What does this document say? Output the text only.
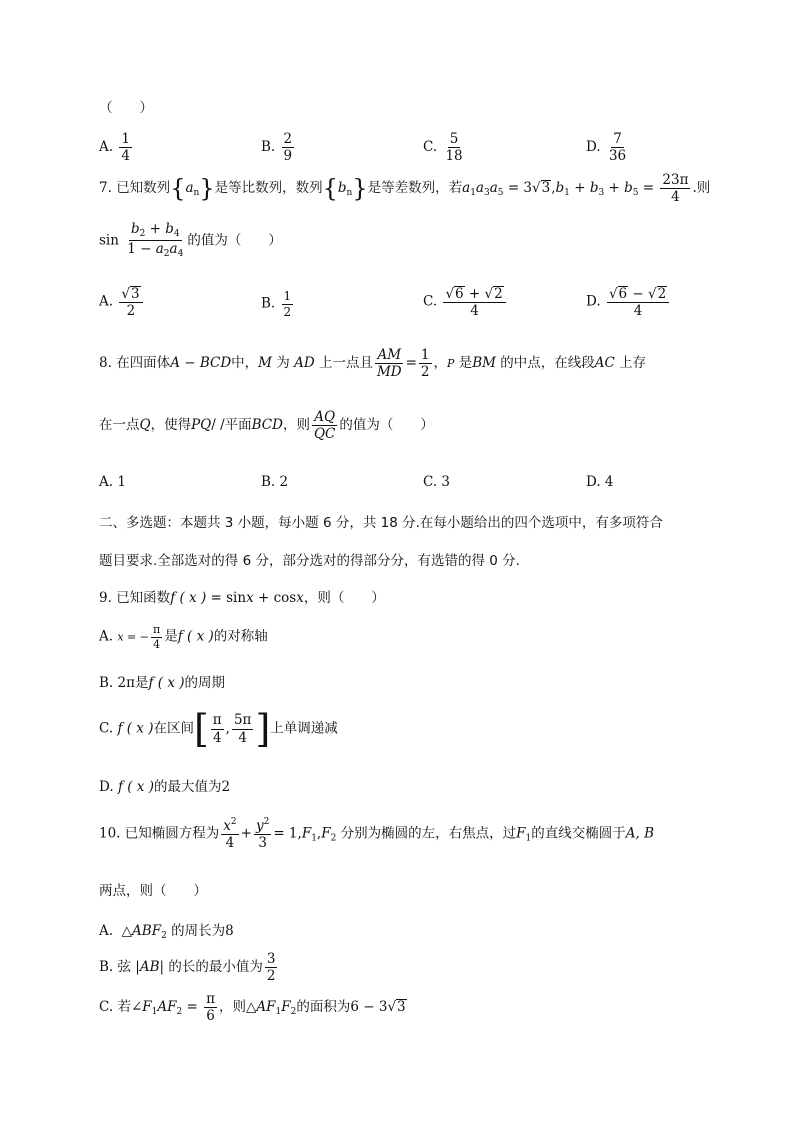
（　　）
A. $\frac{1}{4}$	B. $\frac{2}{9}$	C. $\frac{5}{18}$	D. $\frac{7}{36}$
7. 已知数列$\{a_n\}$是等比数列，数列$\{b_n\}$是等差数列，若$a_1a_3a_5 = 3√3,b_1 + b_3 + b_5 = \frac{23\pi}{4}$ .则
$\sin \frac{b_2 + b_4}{1 - a_2a_4}$ 的值为（　　）
A. $\frac{√3}{2}$	B. $\frac{1}{2}$	C. $\frac{√6 + √2}{4}$	D. $\frac{√6 - √2}{4}$
8. 在四面体A − BCD中，M 为 AD 上一点且 $\frac{AM}{MD} = \frac{1}{2}$ ，P 是BM 的中点，在线段AC 上存
在一点Q，使得PQ/ /平面BCD，则 $\frac{AQ}{QC}$ 的值为（　　）
A. 1	B. 2	C. 3	D. 4
二、多选题：本题共 3 小题，每小题 6 分，共 18 分.在每小题给出的四个选项中，有多项符合
题目要求.全部选对的得 6 分，部分选对的得部分分，有选错的得 0 分.
9. 已知函数f ( x ) = sinx + cosx，则（　　）
A. x = − $\frac{\pi}{4}$ 是f ( x )的对称轴
B. 2π是f ( x )的周期
C. f ( x )在区间[ $\frac{\pi}{4}$ , $\frac{5\pi}{4}$ ]上单调递减
D. f ( x )的最大值为2
10. 已知椭圆方程为 $\frac{x^2}{4} + \frac{y^2}{3} = 1,F_1,F_2$ 分别为椭圆的左，右焦点，过$F_1$的直线交椭圆于A, B
两点，则（　　）
A. $\triangle ABF_2$ 的周长为8
B. 弦 |AB| 的长的最小值为 $\frac{3}{2}$
C. 若$\angle F_1AF_2 = \frac{\pi}{6}$ ，则$\triangle AF_1F_2$的面积为6 − 3√3
